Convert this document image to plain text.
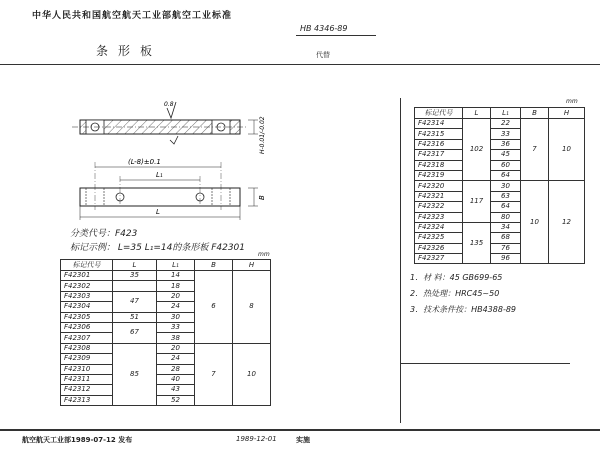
中华人民共和国航空航天工业部航空工业标准
HB 4346-89
条形板	代替
0.8
H-0.01/-0.02
(L-8)±0.1
L₁
B
L
分类代号：F423
标记示例： L=35 L₁=14的条形板 F42301
mm
标记代号	L	L₁	B	H
F42301	35	14	6	8
F42302		18		
F42303	47	20		
F42304		24		
F42305	51	30		
F42306	67	33		
F42307		38		
F42308	85	20	7	10
F42309		24		
F42310		28		
F42311		40		
F42312		43		
F42313		52		
mm
标记代号	L	L₁	B	H	
F42314	102	22	7	10	
F42315		33			
F42316		36			
F42317		45			
F42318		60			
F42319		64			
F42320	117	30	10	12	
F42321		63			
F42322		64			
F42323		80			
F42324	135	34			
F42325		68			
F42326		76			
F42327		96			
1．材 料：45 GB699-65
2．热处理：HRC45~50
3．技术条件按：HB4388-89
航空航天工业部1989-07-12 发布	1989-12-01	实施
